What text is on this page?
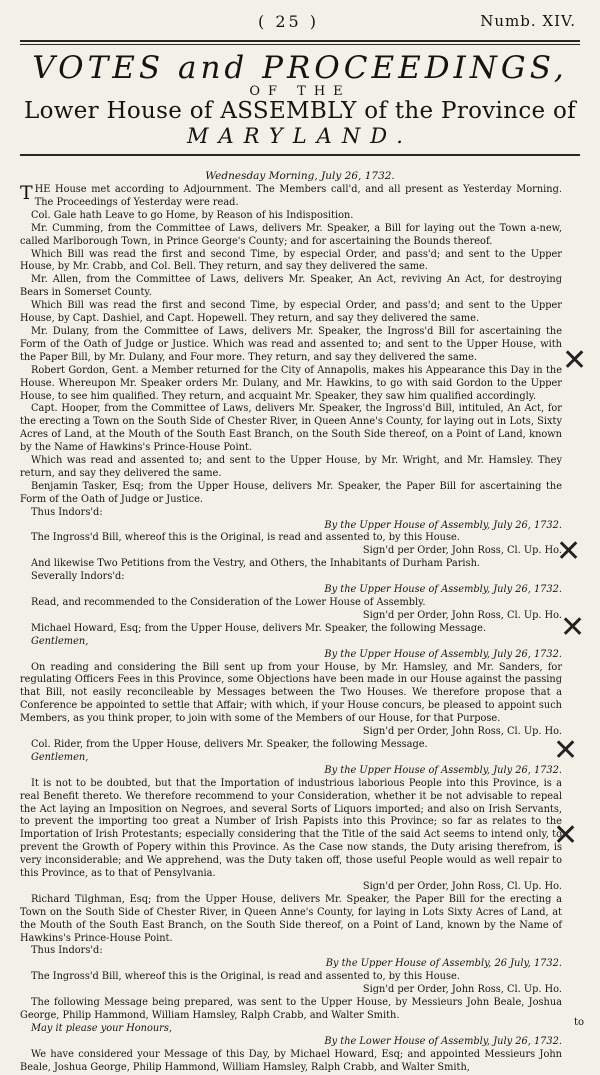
( 25 )	Numb. XIV.
VOTES and PROCEEDINGS,
OF THE
Lower House of ASSEMBLY of the Province of
MARYLAND.
Wednesday Morning, July 26, 1732.

THE House met according to Adjournment. The Members call'd, and all present as Yesterday Morning. The Proceedings of Yesterday were read.

Col. Gale hath Leave to go Home, by Reason of his Indisposition.

Mr. Cumming, from the Committee of Laws, delivers Mr. Speaker, a Bill for laying out the Town a-new, called Marlborough Town, in Prince George's County; and for ascertaining the Bounds thereof.

Which Bill was read the first and second Time, by especial Order, and pass'd; and sent to the Upper House, by Mr. Crabb, and Col. Bell. They return, and say they delivered the same.

Mr. Allen, from the Committee of Laws, delivers Mr. Speaker, An Act, reviving An Act, for destroying Bears in Somerset County.

Which Bill was read the first and second Time, by especial Order, and pass'd; and sent to the Upper House, by Capt. Dashiel, and Capt. Hopewell. They return, and say they delivered the same.

Mr. Dulany, from the Committee of Laws, delivers Mr. Speaker, the Ingross'd Bill for ascertaining the Form of the Oath of Judge or Justice. Which was read and assented to; and sent to the Upper House, with the Paper Bill, by Mr. Dulany, and Four more. They return, and say they delivered the same.

Robert Gordon, Gent. a Member returned for the City of Annapolis, makes his Appearance this Day in the House. Whereupon Mr. Speaker orders Mr. Dulany, and Mr. Hawkins, to go with said Gordon to the Upper House, to see him qualified. They return, and acquaint Mr. Speaker, they saw him qualified accordingly.

Capt. Hooper, from the Committee of Laws, delivers Mr. Speaker, the Ingross'd Bill, intituled, An Act, for the erecting a Town on the South Side of Chester River, in Queen Anne's County, for laying out in Lots, Sixty Acres of Land, at the Mouth of the South East Branch, on the South Side thereof, on a Point of Land, known by the Name of Hawkins's Prince-House Point.

Which was read and assented to; and sent to the Upper House, by Mr. Wright, and Mr. Hamsley. They return, and say they delivered the same.

Benjamin Tasker, Esq; from the Upper House, delivers Mr. Speaker, the Paper Bill for ascertaining the Form of the Oath of Judge or Justice.

Thus Indors'd:

By the Upper House of Assembly, July 26, 1732.

The Ingross'd Bill, whereof this is the Original, is read and assented to, by this House.

Sign'd per Order, John Ross, Cl. Up. Ho.

And likewise Two Petitions from the Vestry, and Others, the Inhabitants of Durham Parish.

Severally Indors'd:

By the Upper House of Assembly, July 26, 1732.

Read, and recommended to the Consideration of the Lower House of Assembly.

Sign'd per Order, John Ross, Cl. Up. Ho.

Michael Howard, Esq; from the Upper House, delivers Mr. Speaker, the following Message.

Gentlemen,

By the Upper House of Assembly, July 26, 1732.

On reading and considering the Bill sent up from your House, by Mr. Hamsley, and Mr. Sanders, for regulating Officers Fees in this Province, some Objections have been made in our House against the passing that Bill, not easily reconcileable by Messages between the Two Houses. We therefore propose that a Conference be appointed to settle that Affair; with which, if your House concurs, be pleased to appoint such Members, as you think proper, to join with some of the Members of our House, for that Purpose.

Sign'd per Order, John Ross, Cl. Up. Ho.

Col. Rider, from the Upper House, delivers Mr. Speaker, the following Message.

Gentlemen,

By the Upper House of Assembly, July 26, 1732.

It is not to be doubted, but that the Importation of industrious laborious People into this Province, is a real Benefit thereto. We therefore recommend to your Consideration, whether it be not advisable to repeal the Act laying an Imposition on Negroes, and several Sorts of Liquors imported; and also on Irish Servants, to prevent the importing too great a Number of Irish Papists into this Province; so far as relates to the Importation of Irish Protestants; especially considering that the Title of the said Act seems to intend only, to prevent the Growth of Popery within this Province. As the Case now stands, the Duty arising therefrom, is very inconsiderable; and We apprehend, was the Duty taken off, those useful People would as well repair to this Province, as to that of Pensylvania.

Sign'd per Order, John Ross, Cl. Up. Ho.

Richard Tilghman, Esq; from the Upper House, delivers Mr. Speaker, the Paper Bill for the erecting a Town on the South Side of Chester River, in Queen Anne's County, for laying in Lots Sixty Acres of Land, at the Mouth of the South East Branch, on the South Side thereof, on a Point of Land, known by the Name of Hawkins's Prince-House Point.

Thus Indors'd:

By the Upper House of Assembly, 26 July, 1732.

The Ingross'd Bill, whereof this is the Original, is read and assented to, by this House.

Sign'd per Order, John Ross, Cl. Up. Ho.

The following Message being prepared, was sent to the Upper House, by Messieurs John Beale, Joshua George, Philip Hammond, William Hamsley, Ralph Crabb, and Walter Smith.

May it please your Honours,

By the Lower House of Assembly, July 26, 1732.

We have considered your Message of this Day, by Michael Howard, Esq; and appointed Messieurs John Beale, Joshua George, Philip Hammond, William Hamsley, Ralph Crabb, and Walter Smith,

✕
✕
✕
✕
✕
to
